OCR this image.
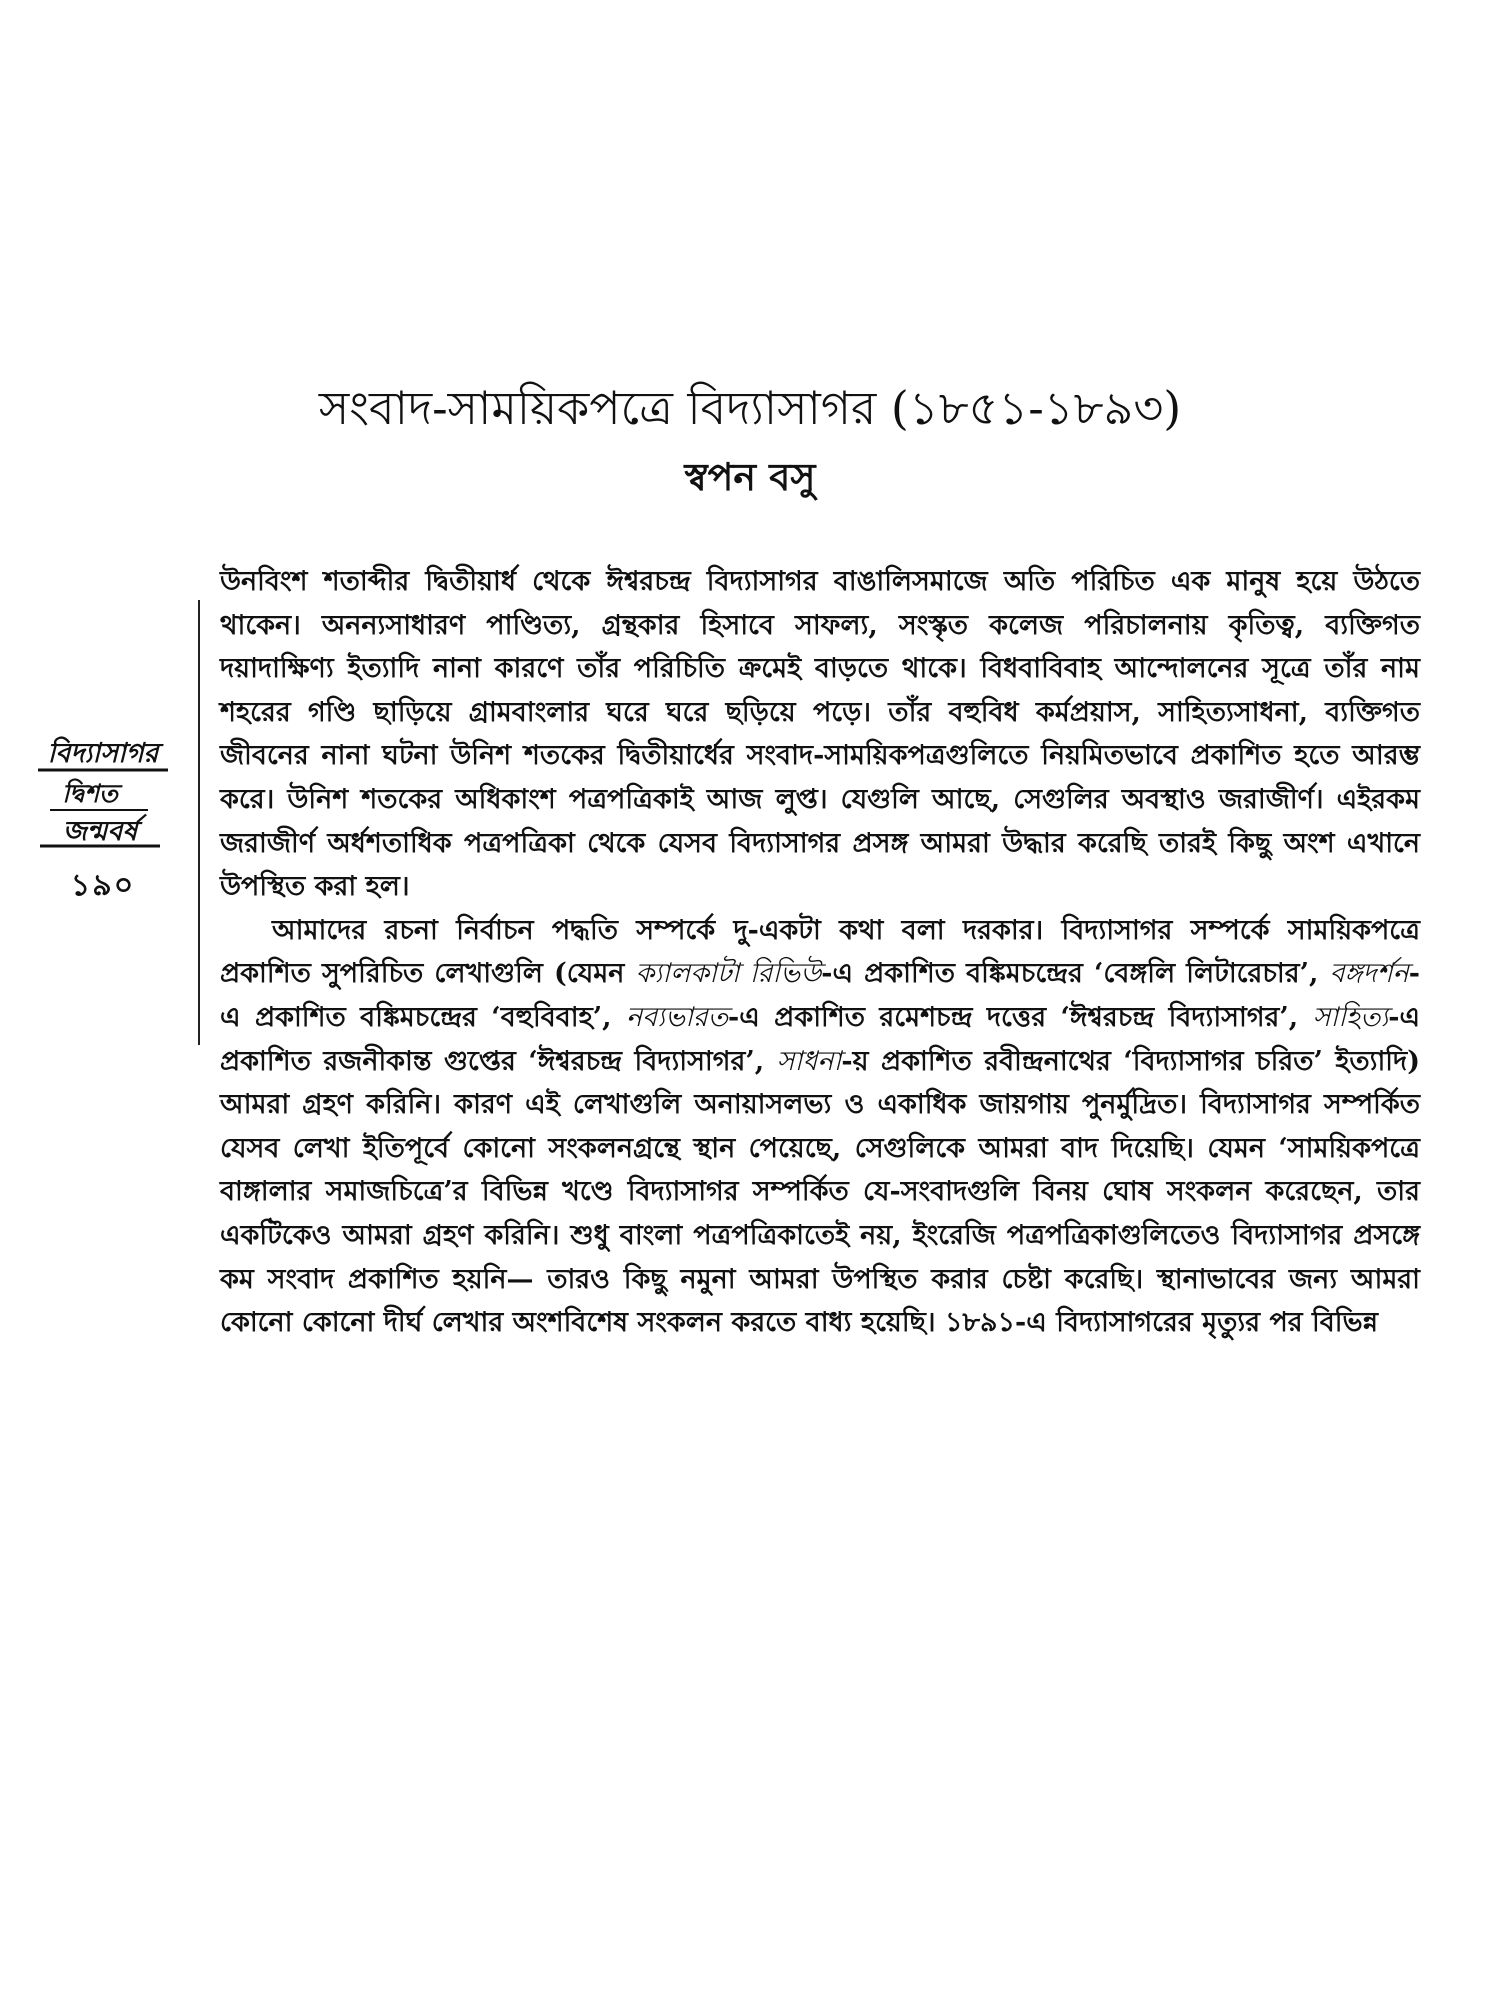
সংবাদ-সাময়িকপত্রে বিদ্যাসাগর (১৮৫১-১৮৯৩)
স্বপন বসু
বিদ্যাসাগর
দ্বিশত
জন্মবর্ষ
১৯০

উনবিংশ শতাব্দীর দ্বিতীয়ার্ধ থেকে ঈশ্বরচন্দ্র বিদ্যাসাগর বাঙালিসমাজে অতি পরিচিত এক মানুষ হয়ে উঠতে থাকেন। অনন্যসাধারণ পাণ্ডিত্য, গ্রন্থকার হিসাবে সাফল্য, সংস্কৃত কলেজ পরিচালনায় কৃতিত্ব, ব্যক্তিগত দয়াদাক্ষিণ্য ইত্যাদি নানা কারণে তাঁর পরিচিতি ক্রমেই বাড়তে থাকে। বিধবাবিবাহ আন্দোলনের সূত্রে তাঁর নাম শহরের গণ্ডি ছাড়িয়ে গ্রামবাংলার ঘরে ঘরে ছড়িয়ে পড়ে। তাঁর বহুবিধ কর্মপ্রয়াস, সাহিত্যসাধনা, ব্যক্তিগত জীবনের নানা ঘটনা উনিশ শতকের দ্বিতীয়ার্ধের সংবাদ-সাময়িকপত্রগুলিতে নিয়মিতভাবে প্রকাশিত হতে আরম্ভ করে। উনিশ শতকের অধিকাংশ পত্রপত্রিকাই আজ লুপ্ত। যেগুলি আছে, সেগুলির অবস্থাও জরাজীর্ণ। এইরকম জরাজীর্ণ অর্ধশতাধিক পত্রপত্রিকা থেকে যেসব বিদ্যাসাগর প্রসঙ্গ আমরা উদ্ধার করেছি তারই কিছু অংশ এখানে উপস্থিত করা হল।

আমাদের রচনা নির্বাচন পদ্ধতি সম্পর্কে দু-একটা কথা বলা দরকার। বিদ্যাসাগর সম্পর্কে সাময়িকপত্রে প্রকাশিত সুপরিচিত লেখাগুলি (যেমন ক্যালকাটা রিভিউ-এ প্রকাশিত বঙ্কিমচন্দ্রের ‘বেঙ্গলি লিটারেচার’, বঙ্গদর্শন-এ প্রকাশিত বঙ্কিমচন্দ্রের ‘বহুবিবাহ’, নব্যভারত-এ প্রকাশিত রমেশচন্দ্র দত্তের ‘ঈশ্বরচন্দ্র বিদ্যাসাগর’, সাহিত্য-এ প্রকাশিত রজনীকান্ত গুপ্তের ‘ঈশ্বরচন্দ্র বিদ্যাসাগর’, সাধনা-য় প্রকাশিত রবীন্দ্রনাথের ‘বিদ্যাসাগর চরিত’ ইত্যাদি) আমরা গ্রহণ করিনি। কারণ এই লেখাগুলি অনায়াসলভ্য ও একাধিক জায়গায় পুনর্মুদ্রিত। বিদ্যাসাগর সম্পর্কিত যেসব লেখা ইতিপূর্বে কোনো সংকলনগ্রন্থে স্থান পেয়েছে, সেগুলিকে আমরা বাদ দিয়েছি। যেমন ‘সাময়িকপত্রে বাঙ্গালার সমাজচিত্রে’র বিভিন্ন খণ্ডে বিদ্যাসাগর সম্পর্কিত যে-সংবাদগুলি বিনয় ঘোষ সংকলন করেছেন, তার একটিকেও আমরা গ্রহণ করিনি। শুধু বাংলা পত্রপত্রিকাতেই নয়, ইংরেজি পত্রপত্রিকাগুলিতেও বিদ্যাসাগর প্রসঙ্গে কম সংবাদ প্রকাশিত হয়নি— তারও কিছু নমুনা আমরা উপস্থিত করার চেষ্টা করেছি। স্থানাভাবের জন্য আমরা কোনো কোনো দীর্ঘ লেখার অংশবিশেষ সংকলন করতে বাধ্য হয়েছি। ১৮৯১-এ বিদ্যাসাগরের মৃত্যুর পর বিভিন্ন
